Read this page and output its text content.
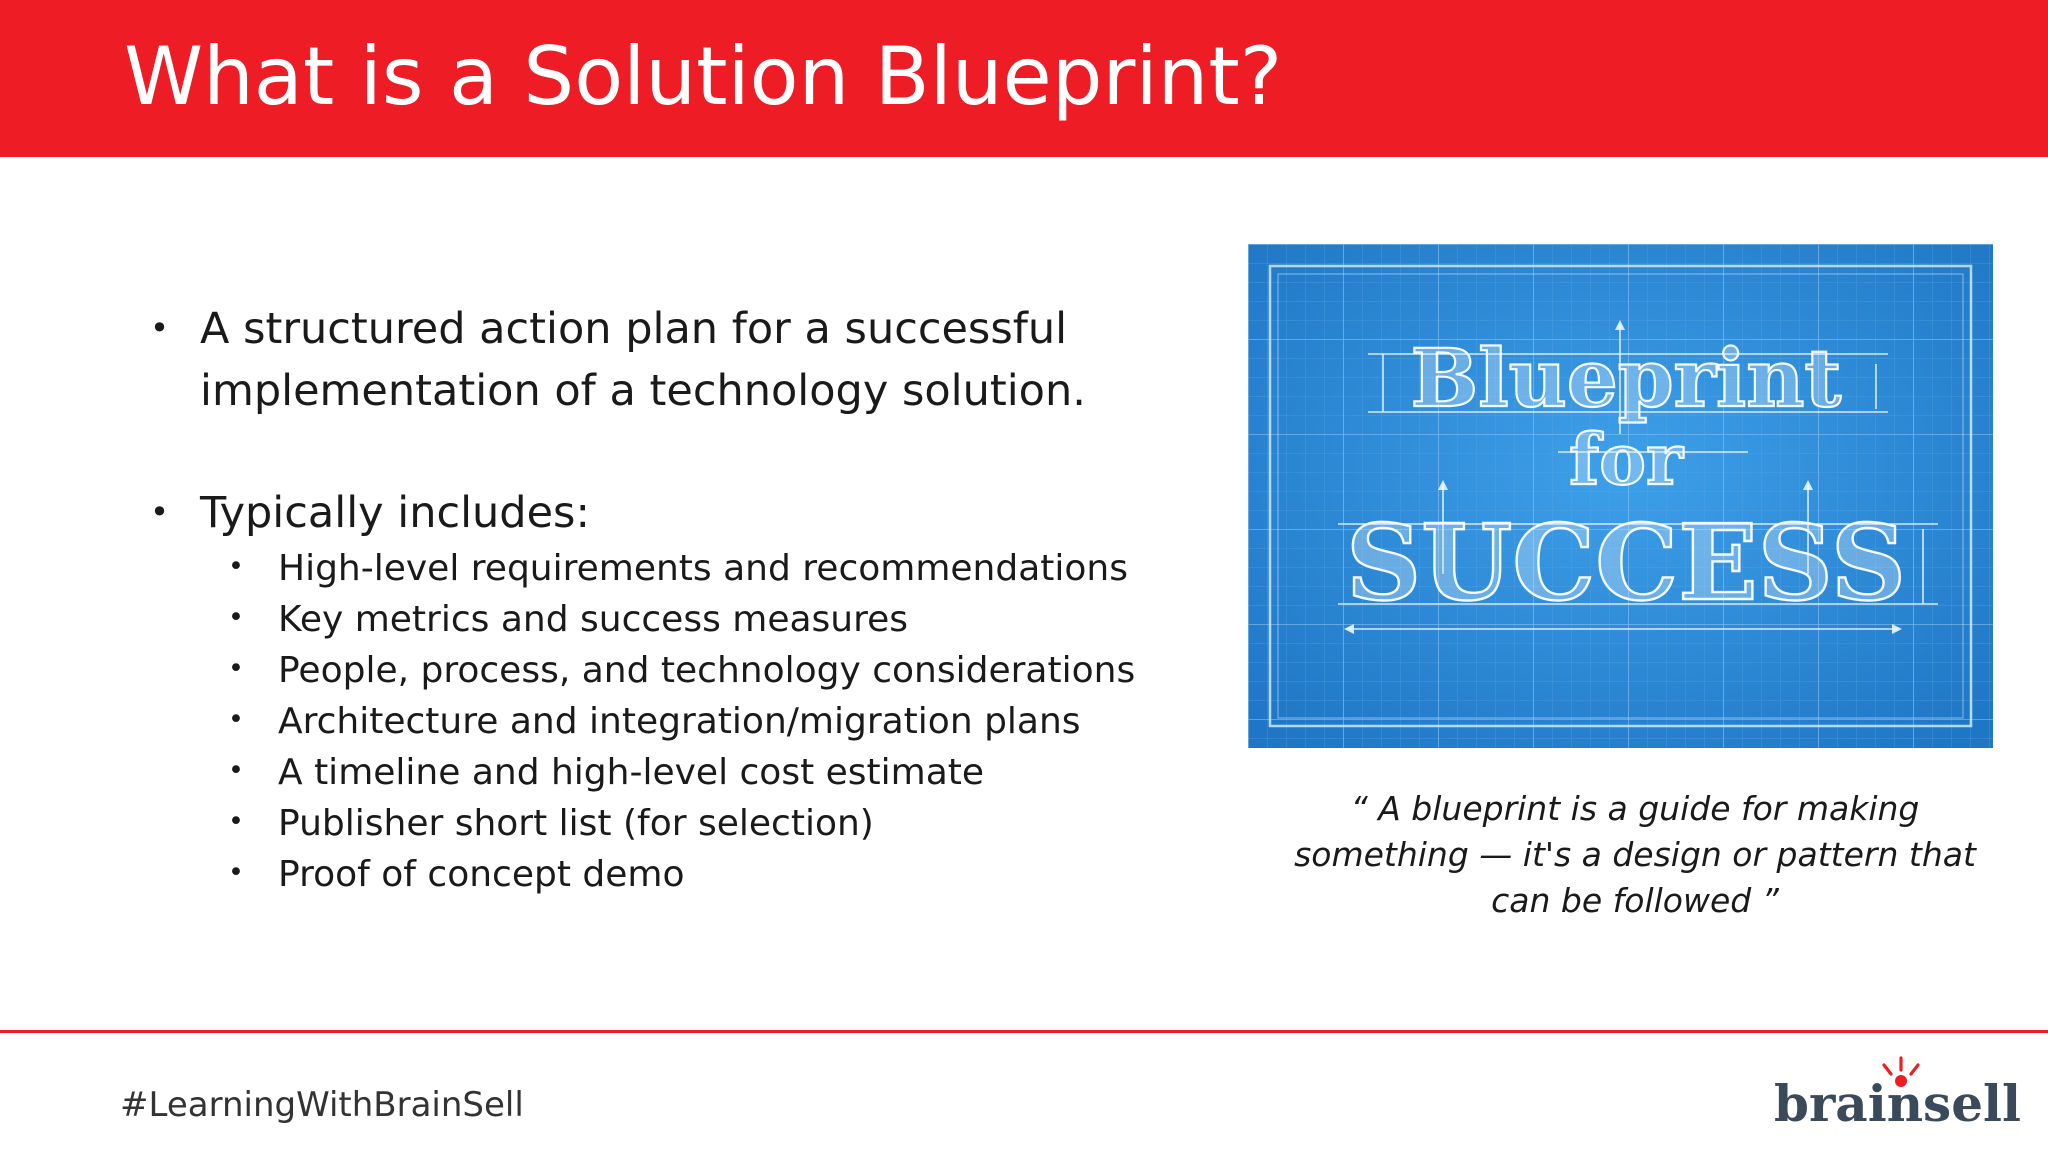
What is a Solution Blueprint?
• A structured action plan for a successful implementation of a technology solution.
• Typically includes:
• High-level requirements and recommendations
• Key metrics and success measures
• People, process, and technology considerations
• Architecture and integration/migration plans
• A timeline and high-level cost estimate
• Publisher short list (for selection)
• Proof of concept demo
Blueprint
for
SUCCESS
“ A blueprint is a guide for making something — it's a design or pattern that can be followed ”
#LearningWithBrainSell	brainsell
